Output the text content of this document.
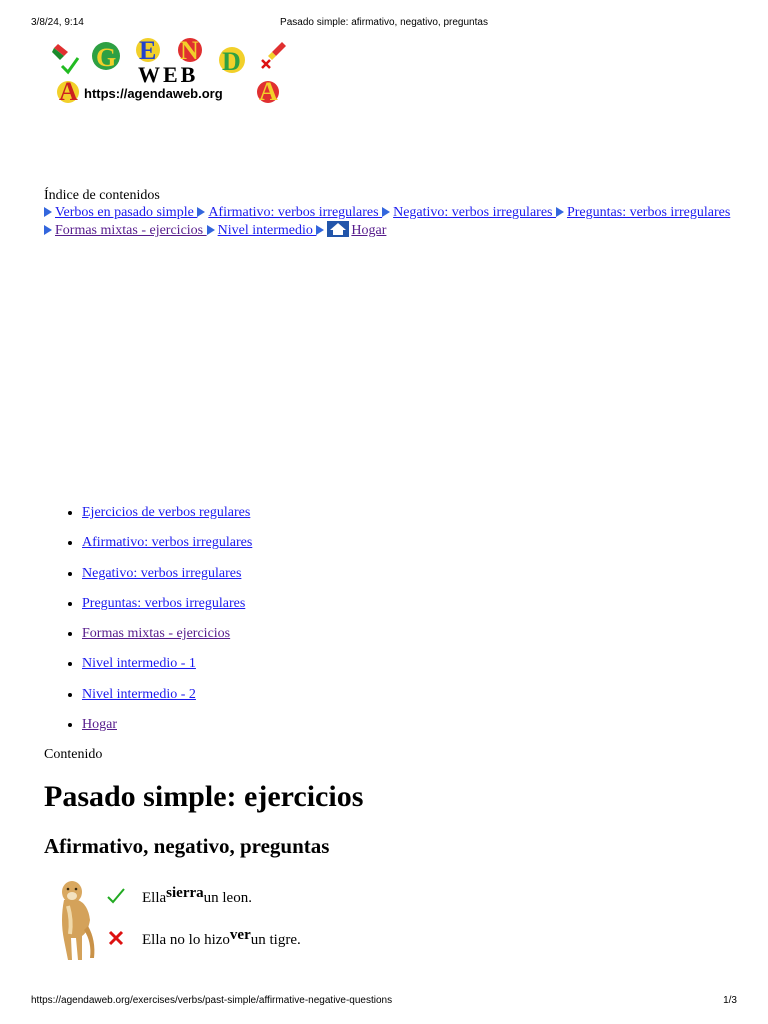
3/8/24, 9:14	Pasado simple: afirmativo, negativo, preguntas
A
G E N D
A
WEB
https://agendaweb.org
Índice de contenidos
Verbos en pasado simple Afirmativo: verbos irregulares Negativo: verbos irregulares Preguntas: verbos irregulares Formas mixtas - ejercicios Nivel intermedio	Hogar
• Ejercicios de verbos regulares
• Afirmativo: verbos irregulares
• Negativo: verbos irregulares
• Preguntas: verbos irregulares
• Formas mixtas - ejercicios
• Nivel intermedio - 1
• Nivel intermedio - 2
• Hogar
Contenido
Pasado simple: ejercicios
Afirmativo, negativo, preguntas
Ellasierraun leon.
Ella no lo hizoverun tigre.
https://agendaweb.org/exercises/verbs/past-simple/affirmative-negative-questions	1/3
